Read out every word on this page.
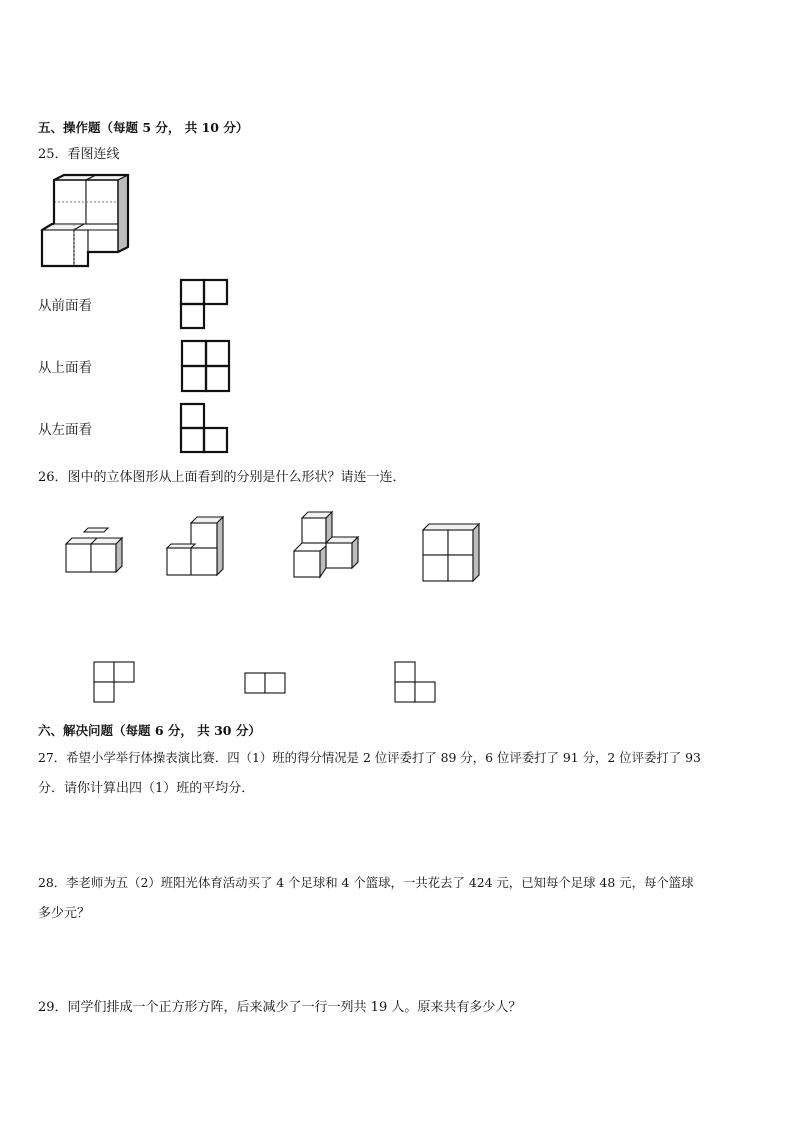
五、操作题（每题 5 分， 共 10 分）
25．看图连线
从前面看
从上面看
从左面看
26．图中的立体图形从上面看到的分别是什么形状？请连一连．
六、解决问题（每题 6 分， 共 30 分）
27．希望小学举行体操表演比赛．四（1）班的得分情况是 2 位评委打了 89 分，6 位评委打了 91 分，2 位评委打了 93
分．请你计算出四（1）班的平均分．
28．李老师为五（2）班阳光体育活动买了 4 个足球和 4 个篮球，一共花去了 424 元，已知每个足球 48 元，每个篮球
多少元？
29．同学们排成一个正方形方阵，后来减少了一行一列共 19 人。原来共有多少人？
